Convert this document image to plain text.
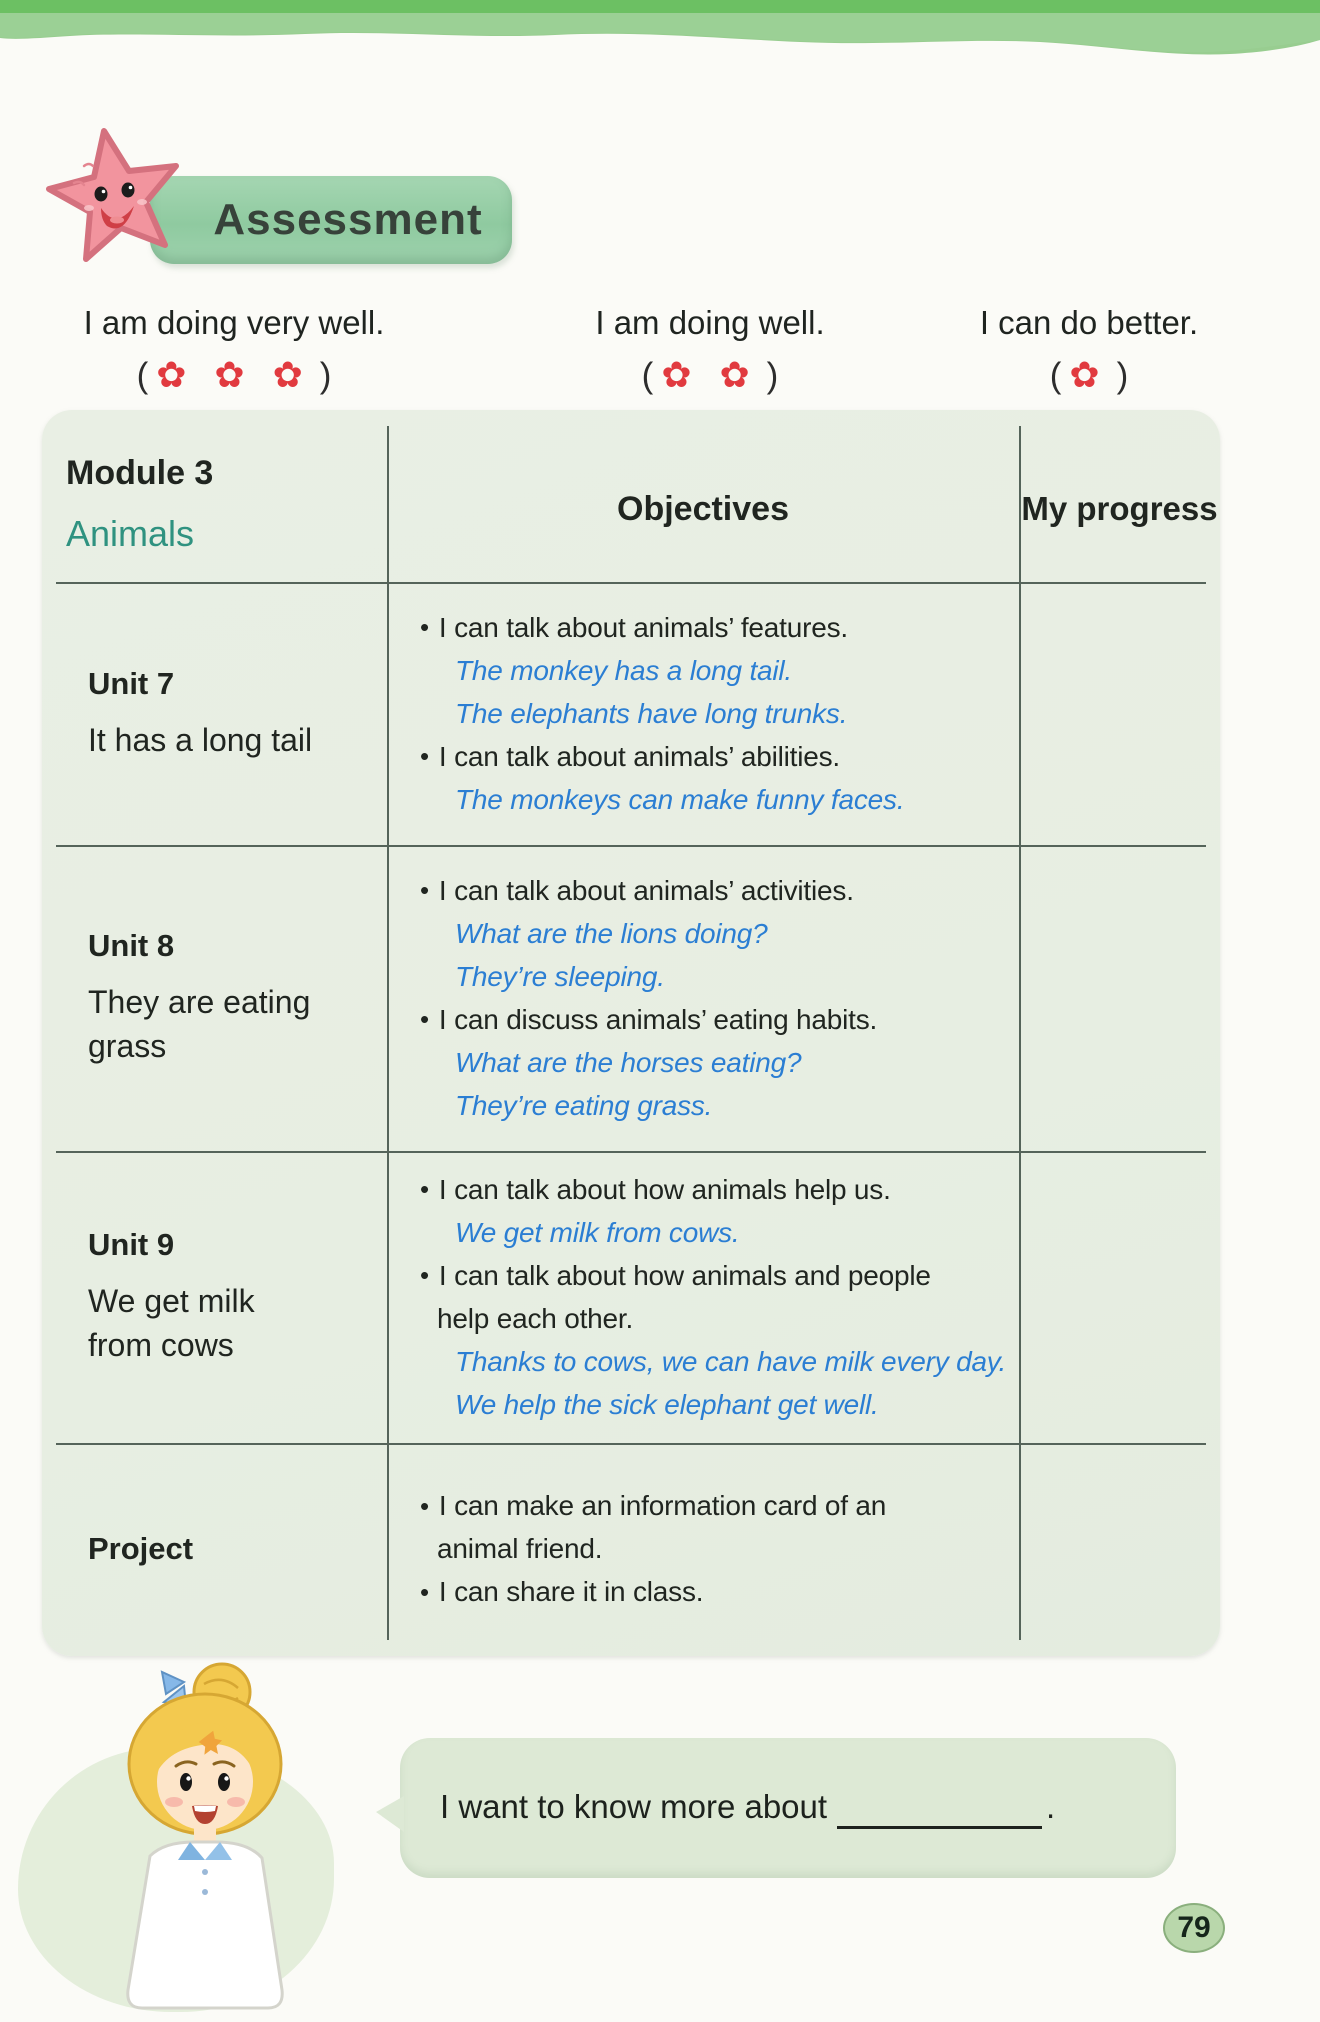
Assessment
I am doing very well.
( ✿ ✿ ✿ )
I am doing well.
( ✿ ✿ )
I can do better.
( ✿ )
Module 3
Animals
Objectives	My progress
Unit 7
It has a long tail
• I can talk about animals’ features.
The monkey has a long tail.
The elephants have long trunks.
• I can talk about animals’ abilities.
The monkeys can make funny faces.
Unit 8
They are eating
grass
• I can talk about animals’ activities.
What are the lions doing?
They’re sleeping.
• I can discuss animals’ eating habits.
What are the horses eating?
They’re eating grass.
Unit 9
We get milk
from cows
• I can talk about how animals help us.
We get milk from cows.
• I can talk about how animals and people
help each other.
Thanks to cows, we can have milk every day.
We help the sick elephant get well.
Project
• I can make an information card of an
animal friend.
• I can share it in class.
I want to know more about	.
79
